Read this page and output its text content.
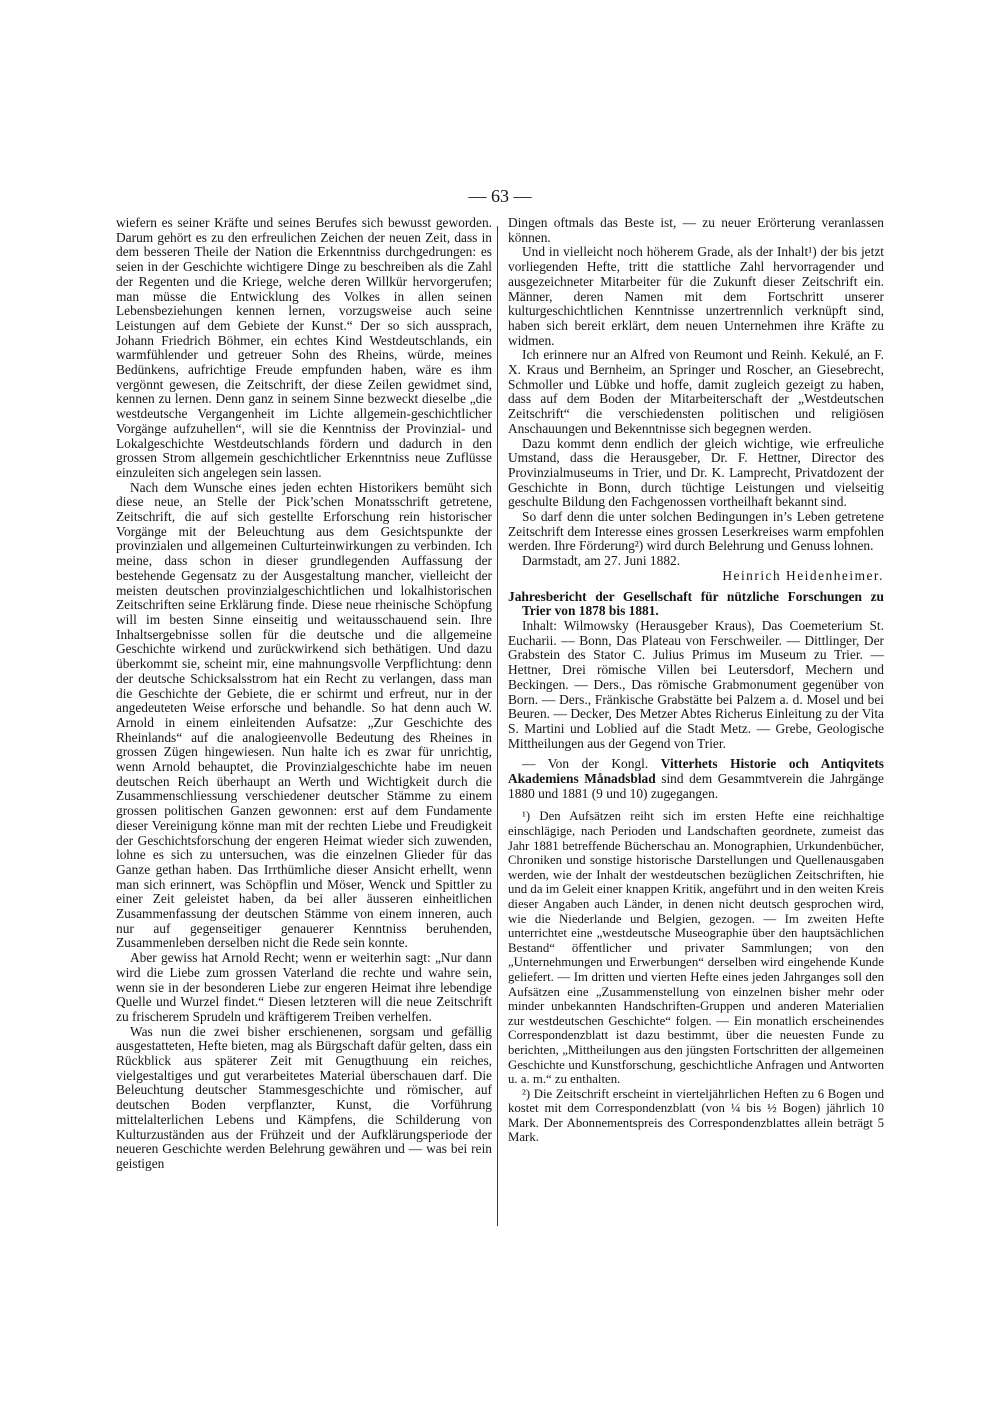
— 63 —

wiefern es seiner Kräfte und seines Berufes sich bewusst geworden. Darum gehört es zu den erfreulichen Zeichen der neuen Zeit, dass in dem besseren Theile der Nation die Erkenntniss durchgedrungen: es seien in der Geschichte wichtigere Dinge zu beschreiben als die Zahl der Regenten und die Kriege, welche deren Willkür hervorgerufen; man müsse die Entwicklung des Volkes in allen seinen Lebensbeziehungen kennen lernen, vorzugsweise auch seine Leistungen auf dem Gebiete der Kunst.“ Der so sich aussprach, Johann Friedrich Böhmer, ein echtes Kind Westdeutschlands, ein warmfühlender und getreuer Sohn des Rheins, würde, meines Bedünkens, aufrichtige Freude empfunden haben, wäre es ihm vergönnt gewesen, die Zeitschrift, der diese Zeilen gewidmet sind, kennen zu lernen. Denn ganz in seinem Sinne bezweckt dieselbe „die westdeutsche Vergangenheit im Lichte allgemein-geschichtlicher Vorgänge aufzuhellen“, will sie die Kenntniss der Provinzial- und Lokalgeschichte Westdeutschlands fördern und dadurch in den grossen Strom allgemein geschichtlicher Erkenntniss neue Zuflüsse einzuleiten sich angelegen sein lassen.

Nach dem Wunsche eines jeden echten Historikers bemüht sich diese neue, an Stelle der Pick’schen Monatsschrift getretene, Zeitschrift, die auf sich gestellte Erforschung rein historischer Vorgänge mit der Beleuchtung aus dem Gesichtspunkte der provinzialen und allgemeinen Culturteinwirkungen zu verbinden. Ich meine, dass schon in dieser grundlegenden Auffassung der bestehende Gegensatz zu der Ausgestaltung mancher, vielleicht der meisten deutschen provinzialgeschichtlichen und lokalhistorischen Zeitschriften seine Erklärung finde. Diese neue rheinische Schöpfung will im besten Sinne einseitig und weitausschauend sein. Ihre Inhaltsergebnisse sollen für die deutsche und die allgemeine Geschichte wirkend und zurückwirkend sich bethätigen. Und dazu überkommt sie, scheint mir, eine mahnungsvolle Verpflichtung: denn der deutsche Schicksalsstrom hat ein Recht zu verlangen, dass man die Geschichte der Gebiete, die er schirmt und erfreut, nur in der angedeuteten Weise erforsche und behandle. So hat denn auch W. Arnold in einem einleitenden Aufsatze: „Zur Geschichte des Rheinlands“ auf die analogieenvolle Bedeutung des Rheines in grossen Zügen hingewiesen. Nun halte ich es zwar für unrichtig, wenn Arnold behauptet, die Provinzialgeschichte habe im neuen deutschen Reich überhaupt an Werth und Wichtigkeit durch die Zusammenschliessung verschiedener deutscher Stämme zu einem grossen politischen Ganzen gewonnen: erst auf dem Fundamente dieser Vereinigung könne man mit der rechten Liebe und Freudigkeit der Geschichtsforschung der engeren Heimat wieder sich zuwenden, lohne es sich zu untersuchen, was die einzelnen Glieder für das Ganze gethan haben. Das Irrthümliche dieser Ansicht erhellt, wenn man sich erinnert, was Schöpflin und Möser, Wenck und Spittler zu einer Zeit geleistet haben, da bei aller äusseren einheitlichen Zusammenfassung der deutschen Stämme von einem inneren, auch nur auf gegenseitiger genauerer Kenntniss beruhenden, Zusammenleben derselben nicht die Rede sein konnte.

Aber gewiss hat Arnold Recht; wenn er weiterhin sagt: „Nur dann wird die Liebe zum grossen Vaterland die rechte und wahre sein, wenn sie in der besonderen Liebe zur engeren Heimat ihre lebendige Quelle und Wurzel findet.“ Diesen letzteren will die neue Zeitschrift zu frischerem Sprudeln und kräftigerem Treiben verhelfen.

Was nun die zwei bisher erschienenen, sorgsam und gefällig ausgestatteten, Hefte bieten, mag als Bürgschaft dafür gelten, dass ein Rückblick aus späterer Zeit mit Genugthuung ein reiches, vielgestaltiges und gut verarbeitetes Material überschauen darf. Die Beleuchtung deutscher Stammesgeschichte und römischer, auf deutschen Boden verpflanzter, Kunst, die Vorführung mittelalterlichen Lebens und Kämpfens, die Schilderung von Kulturzuständen aus der Frühzeit und der Aufklärungsperiode der neueren Geschichte werden Belehrung gewähren und — was bei rein geistigen

Dingen oftmals das Beste ist, — zu neuer Erörterung veranlassen können.

Und in vielleicht noch höherem Grade, als der Inhalt¹) der bis jetzt vorliegenden Hefte, tritt die stattliche Zahl hervorragender und ausgezeichneter Mitarbeiter für die Zukunft dieser Zeitschrift ein. Männer, deren Namen mit dem Fortschritt unserer kulturgeschichtlichen Kenntnisse unzertrennlich verknüpft sind, haben sich bereit erklärt, dem neuen Unternehmen ihre Kräfte zu widmen.

Ich erinnere nur an Alfred von Reumont und Reinh. Kekulé, an F. X. Kraus und Bernheim, an Springer und Roscher, an Giesebrecht, Schmoller und Lübke und hoffe, damit zugleich gezeigt zu haben, dass auf dem Boden der Mitarbeiterschaft der „Westdeutschen Zeitschrift“ die verschiedensten politischen und religiösen Anschauungen und Bekenntnisse sich begegnen werden.

Dazu kommt denn endlich der gleich wichtige, wie erfreuliche Umstand, dass die Herausgeber, Dr. F. Hettner, Director des Provinzialmuseums in Trier, und Dr. K. Lamprecht, Privatdozent der Geschichte in Bonn, durch tüchtige Leistungen und vielseitig geschulte Bildung den Fachgenossen vortheilhaft bekannt sind.

So darf denn die unter solchen Bedingungen in’s Leben getretene Zeitschrift dem Interesse eines grossen Leserkreises warm empfohlen werden. Ihre Förderung²) wird durch Belehrung und Genuss lohnen.

Darmstadt, am 27. Juni 1882.

Heinrich Heidenheimer.

Jahresbericht der Gesellschaft für nützliche Forschungen zu Trier von 1878 bis 1881.

Inhalt: Wilmowsky (Herausgeber Kraus), Das Coemeterium St. Eucharii. — Bonn, Das Plateau von Ferschweiler. — Dittlinger, Der Grabstein des Stator C. Julius Primus im Museum zu Trier. — Hettner, Drei römische Villen bei Leutersdorf, Mechern und Beckingen. — Ders., Das römische Grabmonument gegenüber von Born. — Ders., Fränkische Grabstätte bei Palzem a. d. Mosel und bei Beuren. — Decker, Des Metzer Abtes Richerus Einleitung zu der Vita S. Martini und Loblied auf die Stadt Metz. — Grebe, Geologische Mittheilungen aus der Gegend von Trier.

— Von der Kongl. Vitterhets Historie och Antiqvitets Akademiens Månadsblad sind dem Gesammtverein die Jahrgänge 1880 und 1881 (9 und 10) zugegangen.

¹) Den Aufsätzen reiht sich im ersten Hefte eine reichhaltige einschlägige, nach Perioden und Landschaften geordnete, zumeist das Jahr 1881 betreffende Bücherschau an. Monographien, Urkundenbücher, Chroniken und sonstige historische Darstellungen und Quellenausgaben werden, wie der Inhalt der westdeutschen bezüglichen Zeitschriften, hie und da im Geleit einer knappen Kritik, angeführt und in den weiten Kreis dieser Angaben auch Länder, in denen nicht deutsch gesprochen wird, wie die Niederlande und Belgien, gezogen. — Im zweiten Hefte unterrichtet eine „westdeutsche Museographie über den hauptsächlichen Bestand“ öffentlicher und privater Sammlungen; von den „Unternehmungen und Erwerbungen“ derselben wird eingehende Kunde geliefert. — Im dritten und vierten Hefte eines jeden Jahrganges soll den Aufsätzen eine „Zusammenstellung von einzelnen bisher mehr oder minder unbekannten Handschriften-Gruppen und anderen Materialien zur westdeutschen Geschichte“ folgen. — Ein monatlich erscheinendes Correspondenzblatt ist dazu bestimmt, über die neuesten Funde zu berichten, „Mittheilungen aus den jüngsten Fortschritten der allgemeinen Geschichte und Kunstforschung, geschichtliche Anfragen und Antworten u. a. m.“ zu enthalten.

²) Die Zeitschrift erscheint in vierteljährlichen Heften zu 6 Bogen und kostet mit dem Correspondenzblatt (von ¼ bis ½ Bogen) jährlich 10 Mark. Der Abonnementspreis des Correspondenzblattes allein beträgt 5 Mark.
